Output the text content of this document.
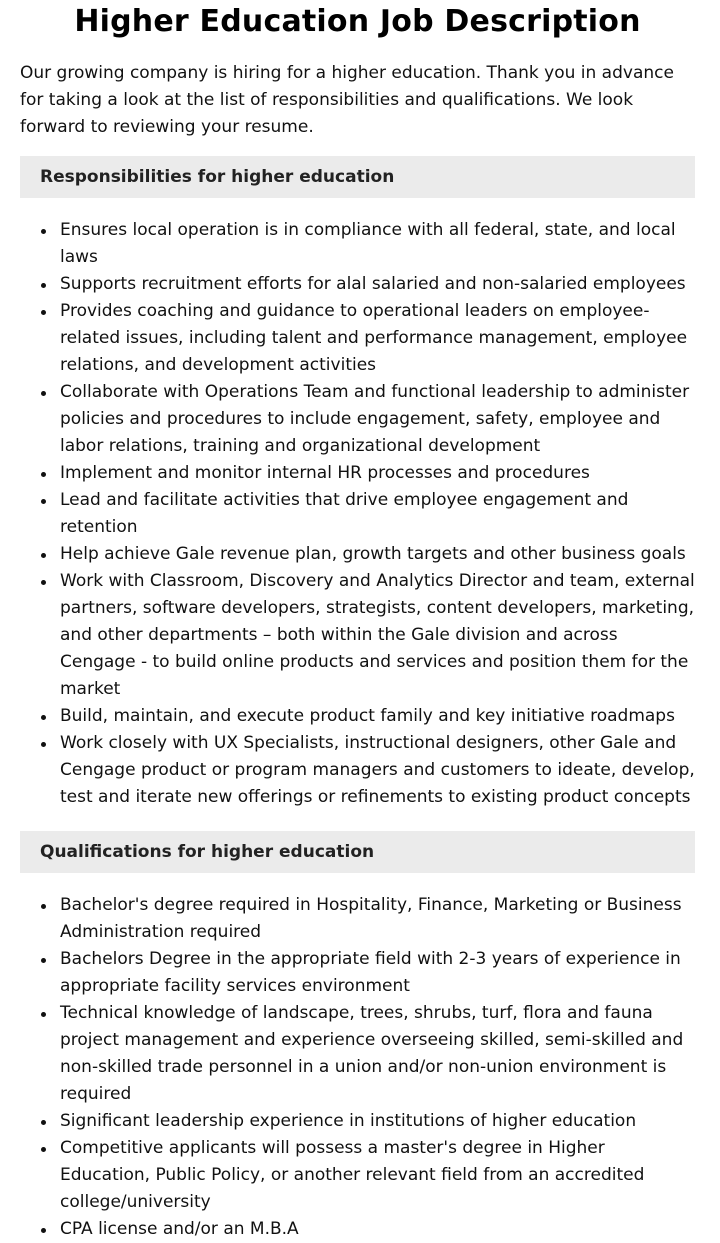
Higher Education Job Description

Our growing company is hiring for a higher education. Thank you in advance for taking a look at the list of responsibilities and qualifications. We look forward to reviewing your resume.

Responsibilities for higher education
Ensures local operation is in compliance with all federal, state, and local laws
Supports recruitment efforts for alal salaried and non-salaried employees
Provides coaching and guidance to operational leaders on employee-related issues, including talent and performance management, employee relations, and development activities
Collaborate with Operations Team and functional leadership to administer policies and procedures to include engagement, safety, employee and labor relations, training and organizational development
Implement and monitor internal HR processes and procedures
Lead and facilitate activities that drive employee engagement and retention
Help achieve Gale revenue plan, growth targets and other business goals
Work with Classroom, Discovery and Analytics Director and team, external partners, software developers, strategists, content developers, marketing, and other departments – both within the Gale division and across Cengage - to build online products and services and position them for the market
Build, maintain, and execute product family and key initiative roadmaps
Work closely with UX Specialists, instructional designers, other Gale and Cengage product or program managers and customers to ideate, develop, test and iterate new offerings or refinements to existing product concepts
Qualifications for higher education
Bachelor's degree required in Hospitality, Finance, Marketing or Business Administration required
Bachelors Degree in the appropriate field with 2-3 years of experience in appropriate facility services environment
Technical knowledge of landscape, trees, shrubs, turf, flora and fauna project management and experience overseeing skilled, semi-skilled and non-skilled trade personnel in a union and/or non-union environment is required
Significant leadership experience in institutions of higher education
Competitive applicants will possess a master's degree in Higher Education, Public Policy, or another relevant field from an accredited college/university
CPA license and/or an M.B.A
